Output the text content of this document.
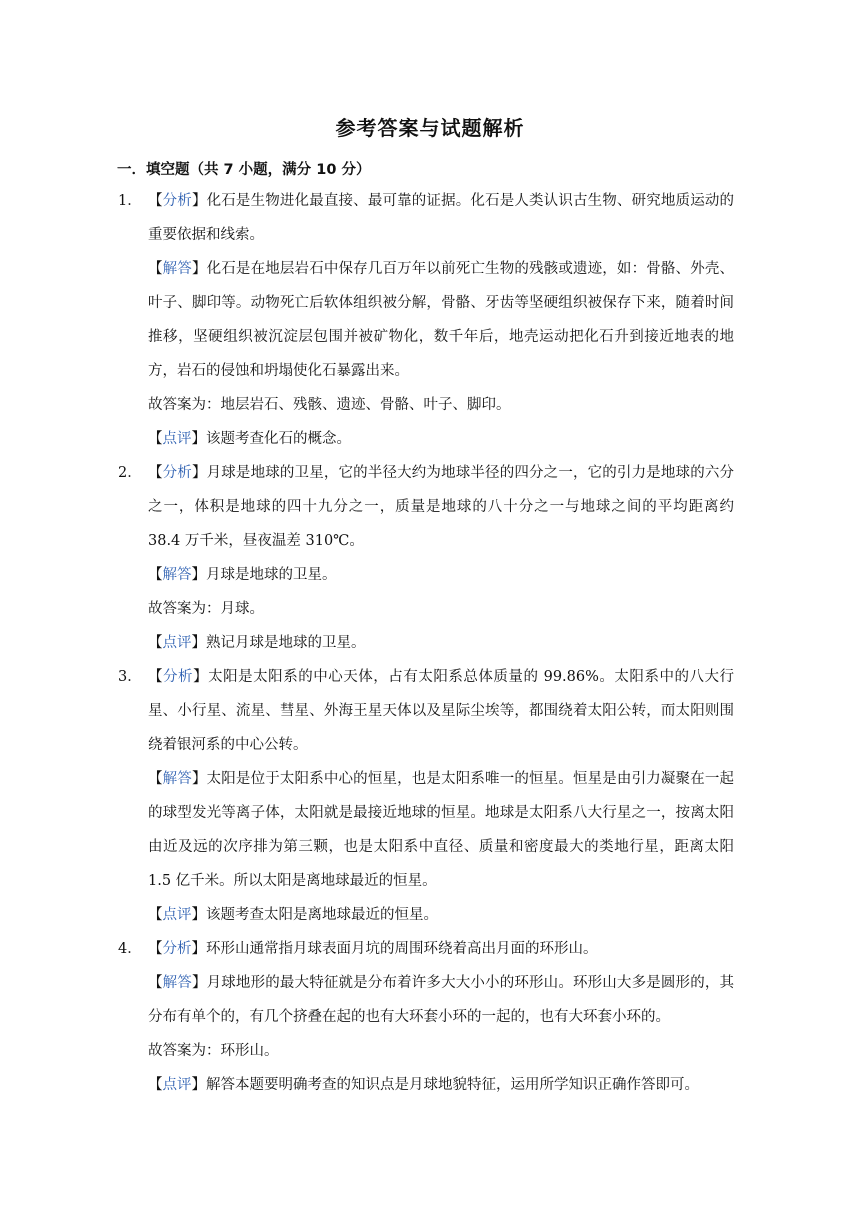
参考答案与试题解析
一．填空题（共 7 小题，满分 10 分）
1． 【分析】化石是生物进化最直接、最可靠的证据。化石是人类认识古生物、研究地质运动的重要依据和线索。
【解答】化石是在地层岩石中保存几百万年以前死亡生物的残骸或遗迹，如：骨骼、外壳、叶子、脚印等。动物死亡后软体组织被分解，骨骼、牙齿等坚硬组织被保存下来，随着时间推移，坚硬组织被沉淀层包围并被矿物化，数千年后，地壳运动把化石升到接近地表的地方，岩石的侵蚀和坍塌使化石暴露出来。
故答案为：地层岩石、残骸、遗迹、骨骼、叶子、脚印。
【点评】该题考查化石的概念。
2． 【分析】月球是地球的卫星，它的半径大约为地球半径的四分之一，它的引力是地球的六分之一，体积是地球的四十九分之一，质量是地球的八十分之一与地球之间的平均距离约 38.4 万千米，昼夜温差 310℃。
【解答】月球是地球的卫星。
故答案为：月球。
【点评】熟记月球是地球的卫星。
3． 【分析】太阳是太阳系的中心天体，占有太阳系总体质量的 99.86%。太阳系中的八大行星、小行星、流星、彗星、外海王星天体以及星际尘埃等，都围绕着太阳公转，而太阳则围绕着银河系的中心公转。
【解答】太阳是位于太阳系中心的恒星，也是太阳系唯一的恒星。恒星是由引力凝聚在一起的球型发光等离子体，太阳就是最接近地球的恒星。地球是太阳系八大行星之一，按离太阳由近及远的次序排为第三颗，也是太阳系中直径、质量和密度最大的类地行星，距离太阳 1.5 亿千米。所以太阳是离地球最近的恒星。
【点评】该题考查太阳是离地球最近的恒星。
4． 【分析】环形山通常指月球表面月坑的周围环绕着高出月面的环形山。
【解答】月球地形的最大特征就是分布着许多大大小小的环形山。环形山大多是圆形的，其分布有单个的，有几个挤叠在起的也有大环套小环的一起的，也有大环套小环的。
故答案为：环形山。
【点评】解答本题要明确考查的知识点是月球地貌特征，运用所学知识正确作答即可。
